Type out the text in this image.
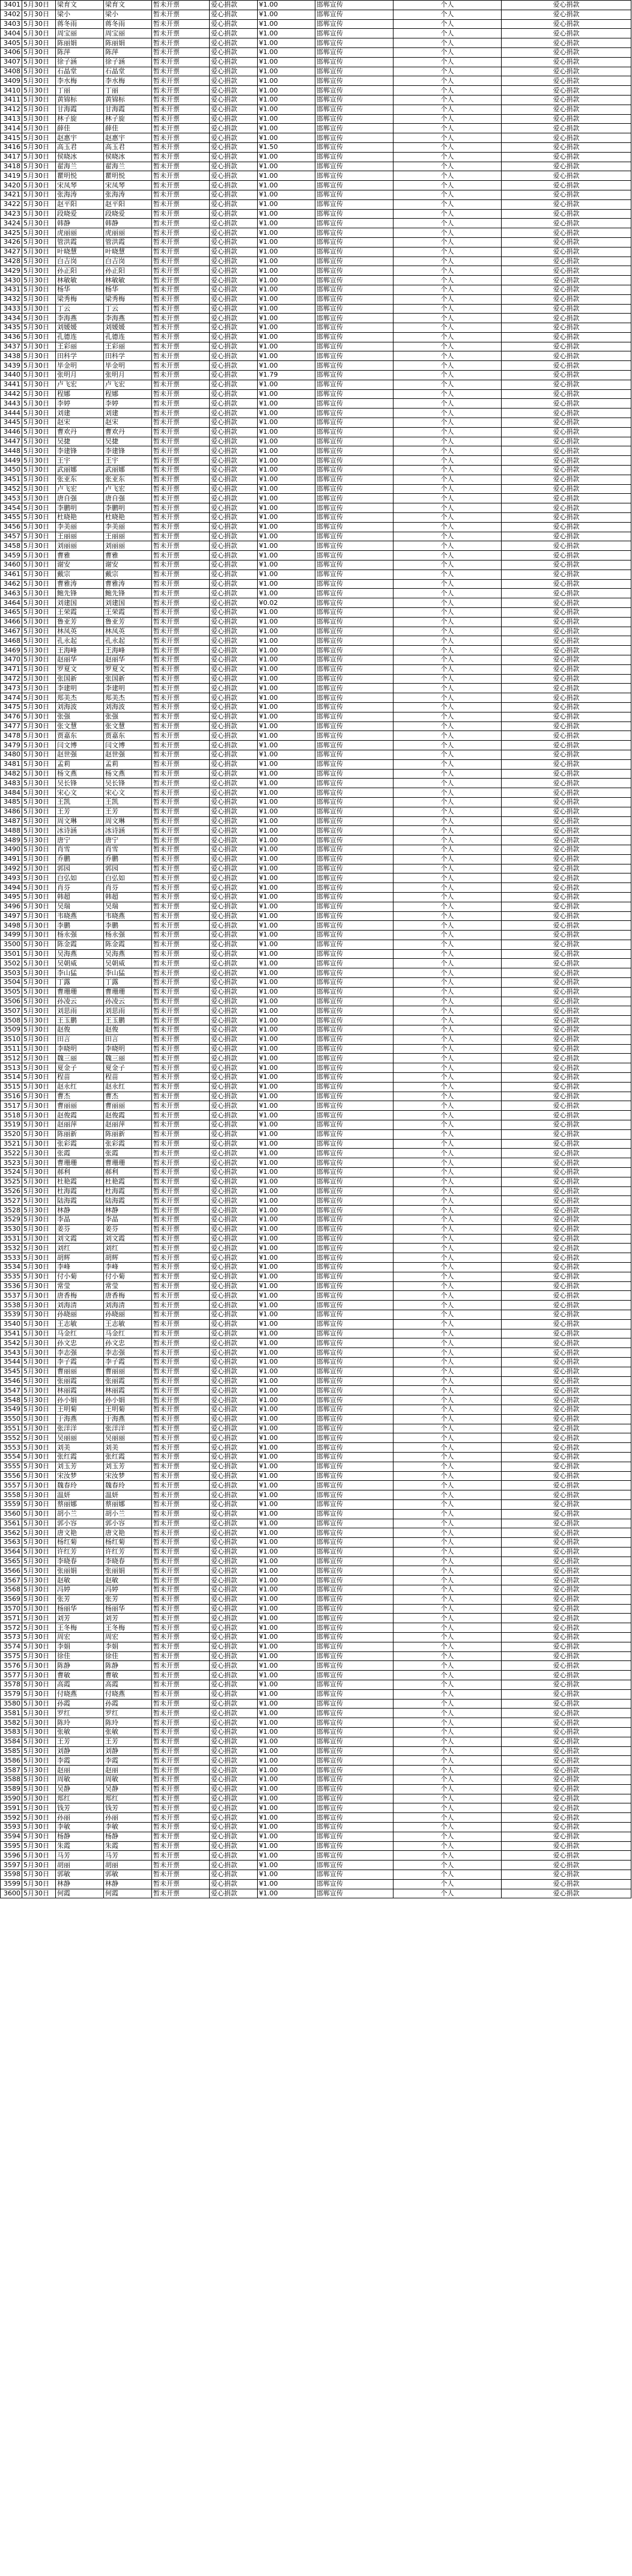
3401	5月30日	梁育文	梁育文	暂未开票	爱心捐款	¥1.00	邯郸宣传	个人	爱心捐款
3402	5月30日	梁小	梁小	暂未开票	爱心捐款	¥1.00	邯郸宣传	个人	爱心捐款
3403	5月30日	蒋冬雨	蒋冬雨	暂未开票	爱心捐款	¥1.00	邯郸宣传	个人	爱心捐款
3404	5月30日	周宝丽	周宝丽	暂未开票	爱心捐款	¥1.00	邯郸宣传	个人	爱心捐款
3405	5月30日	陈丽娟	陈丽娟	暂未开票	爱心捐款	¥1.00	邯郸宣传	个人	爱心捐款
3406	5月30日	陈萍	陈萍	暂未开票	爱心捐款	¥1.00	邯郸宣传	个人	爱心捐款
3407	5月30日	徐子涵	徐子涵	暂未开票	爱心捐款	¥1.00	邯郸宣传	个人	爱心捐款
3408	5月30日	石晶堂	石晶堂	暂未开票	爱心捐款	¥1.00	邯郸宣传	个人	爱心捐款
3409	5月30日	李水梅	李水梅	暂未开票	爱心捐款	¥1.00	邯郸宣传	个人	爱心捐款
3410	5月30日	丁丽	丁丽	暂未开票	爱心捐款	¥1.00	邯郸宣传	个人	爱心捐款
3411	5月30日	黄锦标	黄锦标	暂未开票	爱心捐款	¥1.00	邯郸宣传	个人	爱心捐款
3412	5月30日	甘海霞	甘海霞	暂未开票	爱心捐款	¥1.00	邯郸宣传	个人	爱心捐款
3413	5月30日	林子旋	林子旋	暂未开票	爱心捐款	¥1.00	邯郸宣传	个人	爱心捐款
3414	5月30日	薛佳	薛佳	暂未开票	爱心捐款	¥1.00	邯郸宣传	个人	爱心捐款
3415	5月30日	赵惠宇	赵惠宇	暂未开票	爱心捐款	¥1.00	邯郸宣传	个人	爱心捐款
3416	5月30日	高玉君	高玉君	暂未开票	爱心捐款	¥1.50	邯郸宣传	个人	爱心捐款
3417	5月30日	侯晓冰	侯晓冰	暂未开票	爱心捐款	¥1.00	邯郸宣传	个人	爱心捐款
3418	5月30日	翟海兰	翟海兰	暂未开票	爱心捐款	¥1.00	邯郸宣传	个人	爱心捐款
3419	5月30日	瞿明悦	瞿明悦	暂未开票	爱心捐款	¥1.00	邯郸宣传	个人	爱心捐款
3420	5月30日	宋凤琴	宋凤琴	暂未开票	爱心捐款	¥1.00	邯郸宣传	个人	爱心捐款
3421	5月30日	张海涛	张海涛	暂未开票	爱心捐款	¥1.00	邯郸宣传	个人	爱心捐款
3422	5月30日	赵平阳	赵平阳	暂未开票	爱心捐款	¥1.00	邯郸宣传	个人	爱心捐款
3423	5月30日	段晓爱	段晓爱	暂未开票	爱心捐款	¥1.00	邯郸宣传	个人	爱心捐款
3424	5月30日	韩静	韩静	暂未开票	爱心捐款	¥1.00	邯郸宣传	个人	爱心捐款
3425	5月30日	虎丽丽	虎丽丽	暂未开票	爱心捐款	¥1.00	邯郸宣传	个人	爱心捐款
3426	5月30日	管洪霞	管洪霞	暂未开票	爱心捐款	¥1.00	邯郸宣传	个人	爱心捐款
3427	5月30日	叶晓慧	叶晓慧	暂未开票	爱心捐款	¥1.00	邯郸宣传	个人	爱心捐款
3428	5月30日	白吉岗	白吉岗	暂未开票	爱心捐款	¥1.00	邯郸宣传	个人	爱心捐款
3429	5月30日	孙正阳	孙正阳	暂未开票	爱心捐款	¥1.00	邯郸宣传	个人	爱心捐款
3430	5月30日	林敏敏	林敏敏	暂未开票	爱心捐款	¥1.00	邯郸宣传	个人	爱心捐款
3431	5月30日	杨华	杨华	暂未开票	爱心捐款	¥1.00	邯郸宣传	个人	爱心捐款
3432	5月30日	梁秀梅	梁秀梅	暂未开票	爱心捐款	¥1.00	邯郸宣传	个人	爱心捐款
3433	5月30日	丁云	丁云	暂未开票	爱心捐款	¥1.00	邯郸宣传	个人	爱心捐款
3434	5月30日	李海燕	李海燕	暂未开票	爱心捐款	¥1.00	邯郸宣传	个人	爱心捐款
3435	5月30日	刘媛媛	刘媛媛	暂未开票	爱心捐款	¥1.00	邯郸宣传	个人	爱心捐款
3436	5月30日	孔德连	孔德连	暂未开票	爱心捐款	¥1.00	邯郸宣传	个人	爱心捐款
3437	5月30日	王彩丽	王彩丽	暂未开票	爱心捐款	¥1.00	邯郸宣传	个人	爱心捐款
3438	5月30日	田科学	田科学	暂未开票	爱心捐款	¥1.00	邯郸宣传	个人	爱心捐款
3439	5月30日	毕金明	毕金明	暂未开票	爱心捐款	¥1.00	邯郸宣传	个人	爱心捐款
3440	5月30日	张明月	张明月	暂未开票	爱心捐款	¥1.79	邯郸宣传	个人	爱心捐款
3441	5月30日	卢飞宏	卢飞宏	暂未开票	爱心捐款	¥1.00	邯郸宣传	个人	爱心捐款
3442	5月30日	程娜	程娜	暂未开票	爱心捐款	¥1.00	邯郸宣传	个人	爱心捐款
3443	5月30日	李婷	李婷	暂未开票	爱心捐款	¥1.00	邯郸宣传	个人	爱心捐款
3444	5月30日	刘建	刘建	暂未开票	爱心捐款	¥1.00	邯郸宣传	个人	爱心捐款
3445	5月30日	赵宋	赵宋	暂未开票	爱心捐款	¥1.00	邯郸宣传	个人	爱心捐款
3446	5月30日	曹欢丹	曹欢丹	暂未开票	爱心捐款	¥1.00	邯郸宣传	个人	爱心捐款
3447	5月30日	吴捷	吴捷	暂未开票	爱心捐款	¥1.00	邯郸宣传	个人	爱心捐款
3448	5月30日	李建锋	李建锋	暂未开票	爱心捐款	¥1.00	邯郸宣传	个人	爱心捐款
3449	5月30日	王宇	王宇	暂未开票	爱心捐款	¥1.00	邯郸宣传	个人	爱心捐款
3450	5月30日	武丽娜	武丽娜	暂未开票	爱心捐款	¥1.00	邯郸宣传	个人	爱心捐款
3451	5月30日	张亚东	张亚东	暂未开票	爱心捐款	¥1.00	邯郸宣传	个人	爱心捐款
3452	5月30日	卢飞宏	卢飞宏	暂未开票	爱心捐款	¥1.00	邯郸宣传	个人	爱心捐款
3453	5月30日	唐自强	唐自强	暂未开票	爱心捐款	¥1.00	邯郸宣传	个人	爱心捐款
3454	5月30日	李鹏明	李鹏明	暂未开票	爱心捐款	¥1.00	邯郸宣传	个人	爱心捐款
3455	5月30日	杜晓艳	杜晓艳	暂未开票	爱心捐款	¥1.00	邯郸宣传	个人	爱心捐款
3456	5月30日	李美丽	李美丽	暂未开票	爱心捐款	¥1.00	邯郸宣传	个人	爱心捐款
3457	5月30日	王丽丽	王丽丽	暂未开票	爱心捐款	¥1.00	邯郸宣传	个人	爱心捐款
3458	5月30日	刘丽丽	刘丽丽	暂未开票	爱心捐款	¥1.00	邯郸宣传	个人	爱心捐款
3459	5月30日	曹雅	曹雅	暂未开票	爱心捐款	¥1.00	邯郸宣传	个人	爱心捐款
3460	5月30日	谢安	谢安	暂未开票	爱心捐款	¥1.00	邯郸宣传	个人	爱心捐款
3461	5月30日	戴宗	戴宗	暂未开票	爱心捐款	¥1.00	邯郸宣传	个人	爱心捐款
3462	5月30日	曹雅涛	曹雅涛	暂未开票	爱心捐款	¥1.00	邯郸宣传	个人	爱心捐款
3463	5月30日	鲍先锋	鲍先锋	暂未开票	爱心捐款	¥1.00	邯郸宣传	个人	爱心捐款
3464	5月30日	刘建国	刘建国	暂未开票	爱心捐款	¥0.02	邯郸宣传	个人	爱心捐款
3465	5月30日	王荣霞	王荣霞	暂未开票	爱心捐款	¥1.00	邯郸宣传	个人	爱心捐款
3466	5月30日	鲁亚芳	鲁亚芳	暂未开票	爱心捐款	¥1.00	邯郸宣传	个人	爱心捐款
3467	5月30日	林凤英	林凤英	暂未开票	爱心捐款	¥1.00	邯郸宣传	个人	爱心捐款
3468	5月30日	孔永起	孔永起	暂未开票	爱心捐款	¥1.00	邯郸宣传	个人	爱心捐款
3469	5月30日	王海峰	王海峰	暂未开票	爱心捐款	¥1.00	邯郸宣传	个人	爱心捐款
3470	5月30日	赵丽华	赵丽华	暂未开票	爱心捐款	¥1.00	邯郸宣传	个人	爱心捐款
3471	5月30日	罗夏文	罗夏文	暂未开票	爱心捐款	¥1.00	邯郸宣传	个人	爱心捐款
3472	5月30日	张国新	张国新	暂未开票	爱心捐款	¥1.00	邯郸宣传	个人	爱心捐款
3473	5月30日	李建明	李建明	暂未开票	爱心捐款	¥1.00	邯郸宣传	个人	爱心捐款
3474	5月30日	郑美杰	郑美杰	暂未开票	爱心捐款	¥1.00	邯郸宣传	个人	爱心捐款
3475	5月30日	刘海波	刘海波	暂未开票	爱心捐款	¥1.00	邯郸宣传	个人	爱心捐款
3476	5月30日	张强	张强	暂未开票	爱心捐款	¥1.00	邯郸宣传	个人	爱心捐款
3477	5月30日	张文慧	张文慧	暂未开票	爱心捐款	¥1.00	邯郸宣传	个人	爱心捐款
3478	5月30日	贾嘉东	贾嘉东	暂未开票	爱心捐款	¥1.00	邯郸宣传	个人	爱心捐款
3479	5月30日	闫文博	闫文博	暂未开票	爱心捐款	¥1.00	邯郸宣传	个人	爱心捐款
3480	5月30日	赵世强	赵世强	暂未开票	爱心捐款	¥1.00	邯郸宣传	个人	爱心捐款
3481	5月30日	孟莉	孟莉	暂未开票	爱心捐款	¥1.00	邯郸宣传	个人	爱心捐款
3482	5月30日	杨文燕	杨文燕	暂未开票	爱心捐款	¥1.00	邯郸宣传	个人	爱心捐款
3483	5月30日	吴长锋	吴长锋	暂未开票	爱心捐款	¥1.00	邯郸宣传	个人	爱心捐款
3484	5月30日	宋心文	宋心文	暂未开票	爱心捐款	¥1.00	邯郸宣传	个人	爱心捐款
3485	5月30日	王凯	王凯	暂未开票	爱心捐款	¥1.00	邯郸宣传	个人	爱心捐款
3486	5月30日	王芳	王芳	暂未开票	爱心捐款	¥1.00	邯郸宣传	个人	爱心捐款
3487	5月30日	周文琳	周文琳	暂未开票	爱心捐款	¥1.00	邯郸宣传	个人	爱心捐款
3488	5月30日	冰诗涵	冰诗涵	暂未开票	爱心捐款	¥1.00	邯郸宣传	个人	爱心捐款
3489	5月30日	唐宁	唐宁	暂未开票	爱心捐款	¥1.00	邯郸宣传	个人	爱心捐款
3490	5月30日	肖雪	肖雪	暂未开票	爱心捐款	¥1.00	邯郸宣传	个人	爱心捐款
3491	5月30日	乔鹏	乔鹏	暂未开票	爱心捐款	¥1.00	邯郸宣传	个人	爱心捐款
3492	5月30日	郭园	郭园	暂未开票	爱心捐款	¥1.00	邯郸宣传	个人	爱心捐款
3493	5月30日	白弘如	白弘如	暂未开票	爱心捐款	¥1.00	邯郸宣传	个人	爱心捐款
3494	5月30日	肖芬	肖芬	暂未开票	爱心捐款	¥1.00	邯郸宣传	个人	爱心捐款
3495	5月30日	韩超	韩超	暂未开票	爱心捐款	¥1.00	邯郸宣传	个人	爱心捐款
3496	5月30日	吴瑞	吴瑞	暂未开票	爱心捐款	¥1.00	邯郸宣传	个人	爱心捐款
3497	5月30日	韦晓燕	韦晓燕	暂未开票	爱心捐款	¥1.00	邯郸宣传	个人	爱心捐款
3498	5月30日	李鹏	李鹏	暂未开票	爱心捐款	¥1.00	邯郸宣传	个人	爱心捐款
3499	5月30日	杨永强	杨永强	暂未开票	爱心捐款	¥1.00	邯郸宣传	个人	爱心捐款
3500	5月30日	陈金霞	陈金霞	暂未开票	爱心捐款	¥1.00	邯郸宣传	个人	爱心捐款
3501	5月30日	吴海燕	吴海燕	暂未开票	爱心捐款	¥1.00	邯郸宣传	个人	爱心捐款
3502	5月30日	吴朝威	吴朝威	暂未开票	爱心捐款	¥1.00	邯郸宣传	个人	爱心捐款
3503	5月30日	李山猛	李山猛	暂未开票	爱心捐款	¥1.00	邯郸宣传	个人	爱心捐款
3504	5月30日	丁露	丁露	暂未开票	爱心捐款	¥1.00	邯郸宣传	个人	爱心捐款
3505	5月30日	曹珊珊	曹珊珊	暂未开票	爱心捐款	¥1.00	邯郸宣传	个人	爱心捐款
3506	5月30日	孙凌云	孙凌云	暂未开票	爱心捐款	¥1.00	邯郸宣传	个人	爱心捐款
3507	5月30日	刘思雨	刘思雨	暂未开票	爱心捐款	¥1.00	邯郸宣传	个人	爱心捐款
3508	5月30日	王玉鹏	王玉鹏	暂未开票	爱心捐款	¥1.00	邯郸宣传	个人	爱心捐款
3509	5月30日	赵俊	赵俊	暂未开票	爱心捐款	¥1.00	邯郸宣传	个人	爱心捐款
3510	5月30日	田言	田言	暂未开票	爱心捐款	¥1.00	邯郸宣传	个人	爱心捐款
3511	5月30日	李晓明	李晓明	暂未开票	爱心捐款	¥1.00	邯郸宣传	个人	爱心捐款
3512	5月30日	魏三丽	魏三丽	暂未开票	爱心捐款	¥1.00	邯郸宣传	个人	爱心捐款
3513	5月30日	夏金子	夏金子	暂未开票	爱心捐款	¥1.00	邯郸宣传	个人	爱心捐款
3514	5月30日	程苗	程苗	暂未开票	爱心捐款	¥1.00	邯郸宣传	个人	爱心捐款
3515	5月30日	赵永红	赵永红	暂未开票	爱心捐款	¥1.00	邯郸宣传	个人	爱心捐款
3516	5月30日	曹杰	曹杰	暂未开票	爱心捐款	¥1.00	邯郸宣传	个人	爱心捐款
3517	5月30日	曹丽丽	曹丽丽	暂未开票	爱心捐款	¥1.00	邯郸宣传	个人	爱心捐款
3518	5月30日	赵俊霞	赵俊霞	暂未开票	爱心捐款	¥1.00	邯郸宣传	个人	爱心捐款
3519	5月30日	赵丽萍	赵丽萍	暂未开票	爱心捐款	¥1.00	邯郸宣传	个人	爱心捐款
3520	5月30日	陈丽新	陈丽新	暂未开票	爱心捐款	¥1.00	邯郸宣传	个人	爱心捐款
3521	5月30日	张彩霞	张彩霞	暂未开票	爱心捐款	¥1.00	邯郸宣传	个人	爱心捐款
3522	5月30日	张霞	张霞	暂未开票	爱心捐款	¥1.00	邯郸宣传	个人	爱心捐款
3523	5月30日	曹珊珊	曹珊珊	暂未开票	爱心捐款	¥1.00	邯郸宣传	个人	爱心捐款
3524	5月30日	郝利	郝利	暂未开票	爱心捐款	¥1.00	邯郸宣传	个人	爱心捐款
3525	5月30日	杜艳霞	杜艳霞	暂未开票	爱心捐款	¥1.00	邯郸宣传	个人	爱心捐款
3526	5月30日	杜海霞	杜海霞	暂未开票	爱心捐款	¥1.00	邯郸宣传	个人	爱心捐款
3527	5月30日	陆海霞	陆海霞	暂未开票	爱心捐款	¥1.00	邯郸宣传	个人	爱心捐款
3528	5月30日	林静	林静	暂未开票	爱心捐款	¥1.00	邯郸宣传	个人	爱心捐款
3529	5月30日	李晶	李晶	暂未开票	爱心捐款	¥1.00	邯郸宣传	个人	爱心捐款
3530	5月30日	姜芬	姜芬	暂未开票	爱心捐款	¥1.00	邯郸宣传	个人	爱心捐款
3531	5月30日	刘文霞	刘文霞	暂未开票	爱心捐款	¥1.00	邯郸宣传	个人	爱心捐款
3532	5月30日	刘红	刘红	暂未开票	爱心捐款	¥1.00	邯郸宣传	个人	爱心捐款
3533	5月30日	胡辉	胡辉	暂未开票	爱心捐款	¥1.00	邯郸宣传	个人	爱心捐款
3534	5月30日	李峰	李峰	暂未开票	爱心捐款	¥1.00	邯郸宣传	个人	爱心捐款
3535	5月30日	付小菊	付小菊	暂未开票	爱心捐款	¥1.00	邯郸宣传	个人	爱心捐款
3536	5月30日	常莹	常莹	暂未开票	爱心捐款	¥1.00	邯郸宣传	个人	爱心捐款
3537	5月30日	唐香梅	唐香梅	暂未开票	爱心捐款	¥1.00	邯郸宣传	个人	爱心捐款
3538	5月30日	刘海清	刘海清	暂未开票	爱心捐款	¥1.00	邯郸宣传	个人	爱心捐款
3539	5月30日	孙晓丽	孙晓丽	暂未开票	爱心捐款	¥1.00	邯郸宣传	个人	爱心捐款
3540	5月30日	王志敏	王志敏	暂未开票	爱心捐款	¥1.00	邯郸宣传	个人	爱心捐款
3541	5月30日	马金红	马金红	暂未开票	爱心捐款	¥1.00	邯郸宣传	个人	爱心捐款
3542	5月30日	孙文忠	孙文忠	暂未开票	爱心捐款	¥1.00	邯郸宣传	个人	爱心捐款
3543	5月30日	李志强	李志强	暂未开票	爱心捐款	¥1.00	邯郸宣传	个人	爱心捐款
3544	5月30日	李子霞	李子霞	暂未开票	爱心捐款	¥1.00	邯郸宣传	个人	爱心捐款
3545	5月30日	曹丽丽	曹丽丽	暂未开票	爱心捐款	¥1.00	邯郸宣传	个人	爱心捐款
3546	5月30日	张丽霞	张丽霞	暂未开票	爱心捐款	¥1.00	邯郸宣传	个人	爱心捐款
3547	5月30日	林丽霞	林丽霞	暂未开票	爱心捐款	¥1.00	邯郸宣传	个人	爱心捐款
3548	5月30日	孙小娟	孙小娟	暂未开票	爱心捐款	¥1.00	邯郸宣传	个人	爱心捐款
3549	5月30日	王明菊	王明菊	暂未开票	爱心捐款	¥1.00	邯郸宣传	个人	爱心捐款
3550	5月30日	于海燕	于海燕	暂未开票	爱心捐款	¥1.00	邯郸宣传	个人	爱心捐款
3551	5月30日	张洋洋	张洋洋	暂未开票	爱心捐款	¥1.00	邯郸宣传	个人	爱心捐款
3552	5月30日	吴丽丽	吴丽丽	暂未开票	爱心捐款	¥1.00	邯郸宣传	个人	爱心捐款
3553	5月30日	刘美	刘美	暂未开票	爱心捐款	¥1.00	邯郸宣传	个人	爱心捐款
3554	5月30日	张红霞	张红霞	暂未开票	爱心捐款	¥1.00	邯郸宣传	个人	爱心捐款
3555	5月30日	刘玉芳	刘玉芳	暂未开票	爱心捐款	¥1.00	邯郸宣传	个人	爱心捐款
3556	5月30日	宋汝梦	宋汝梦	暂未开票	爱心捐款	¥1.00	邯郸宣传	个人	爱心捐款
3557	5月30日	魏春玲	魏春玲	暂未开票	爱心捐款	¥1.00	邯郸宣传	个人	爱心捐款
3558	5月30日	温妍	温妍	暂未开票	爱心捐款	¥1.00	邯郸宣传	个人	爱心捐款
3559	5月30日	蔡丽娜	蔡丽娜	暂未开票	爱心捐款	¥1.00	邯郸宣传	个人	爱心捐款
3560	5月30日	胡小兰	胡小兰	暂未开票	爱心捐款	¥1.00	邯郸宣传	个人	爱心捐款
3561	5月30日	郭小容	郭小容	暂未开票	爱心捐款	¥1.00	邯郸宣传	个人	爱心捐款
3562	5月30日	唐文艳	唐文艳	暂未开票	爱心捐款	¥1.00	邯郸宣传	个人	爱心捐款
3563	5月30日	杨红菊	杨红菊	暂未开票	爱心捐款	¥1.00	邯郸宣传	个人	爱心捐款
3564	5月30日	许红芳	许红芳	暂未开票	爱心捐款	¥1.00	邯郸宣传	个人	爱心捐款
3565	5月30日	李晓春	李晓春	暂未开票	爱心捐款	¥1.00	邯郸宣传	个人	爱心捐款
3566	5月30日	张丽娟	张丽娟	暂未开票	爱心捐款	¥1.00	邯郸宣传	个人	爱心捐款
3567	5月30日	赵敏	赵敏	暂未开票	爱心捐款	¥1.00	邯郸宣传	个人	爱心捐款
3568	5月30日	冯婷	冯婷	暂未开票	爱心捐款	¥1.00	邯郸宣传	个人	爱心捐款
3569	5月30日	张芳	张芳	暂未开票	爱心捐款	¥1.00	邯郸宣传	个人	爱心捐款
3570	5月30日	杨丽华	杨丽华	暂未开票	爱心捐款	¥1.00	邯郸宣传	个人	爱心捐款
3571	5月30日	刘芳	刘芳	暂未开票	爱心捐款	¥1.00	邯郸宣传	个人	爱心捐款
3572	5月30日	王冬梅	王冬梅	暂未开票	爱心捐款	¥1.00	邯郸宣传	个人	爱心捐款
3573	5月30日	周宏	周宏	暂未开票	爱心捐款	¥1.00	邯郸宣传	个人	爱心捐款
3574	5月30日	李娟	李娟	暂未开票	爱心捐款	¥1.00	邯郸宣传	个人	爱心捐款
3575	5月30日	徐佳	徐佳	暂未开票	爱心捐款	¥1.00	邯郸宣传	个人	爱心捐款
3576	5月30日	陈静	陈静	暂未开票	爱心捐款	¥1.00	邯郸宣传	个人	爱心捐款
3577	5月30日	曹敏	曹敏	暂未开票	爱心捐款	¥1.00	邯郸宣传	个人	爱心捐款
3578	5月30日	高霞	高霞	暂未开票	爱心捐款	¥1.00	邯郸宣传	个人	爱心捐款
3579	5月30日	付晓燕	付晓燕	暂未开票	爱心捐款	¥1.00	邯郸宣传	个人	爱心捐款
3580	5月30日	孙霞	孙霞	暂未开票	爱心捐款	¥1.00	邯郸宣传	个人	爱心捐款
3581	5月30日	罗红	罗红	暂未开票	爱心捐款	¥1.00	邯郸宣传	个人	爱心捐款
3582	5月30日	陈玲	陈玲	暂未开票	爱心捐款	¥1.00	邯郸宣传	个人	爱心捐款
3583	5月30日	张敏	张敏	暂未开票	爱心捐款	¥1.00	邯郸宣传	个人	爱心捐款
3584	5月30日	王芳	王芳	暂未开票	爱心捐款	¥1.00	邯郸宣传	个人	爱心捐款
3585	5月30日	刘静	刘静	暂未开票	爱心捐款	¥1.00	邯郸宣传	个人	爱心捐款
3586	5月30日	李霞	李霞	暂未开票	爱心捐款	¥1.00	邯郸宣传	个人	爱心捐款
3587	5月30日	赵丽	赵丽	暂未开票	爱心捐款	¥1.00	邯郸宣传	个人	爱心捐款
3588	5月30日	周敏	周敏	暂未开票	爱心捐款	¥1.00	邯郸宣传	个人	爱心捐款
3589	5月30日	吴静	吴静	暂未开票	爱心捐款	¥1.00	邯郸宣传	个人	爱心捐款
3590	5月30日	郑红	郑红	暂未开票	爱心捐款	¥1.00	邯郸宣传	个人	爱心捐款
3591	5月30日	钱芳	钱芳	暂未开票	爱心捐款	¥1.00	邯郸宣传	个人	爱心捐款
3592	5月30日	孙丽	孙丽	暂未开票	爱心捐款	¥1.00	邯郸宣传	个人	爱心捐款
3593	5月30日	李敏	李敏	暂未开票	爱心捐款	¥1.00	邯郸宣传	个人	爱心捐款
3594	5月30日	杨静	杨静	暂未开票	爱心捐款	¥1.00	邯郸宣传	个人	爱心捐款
3595	5月30日	朱霞	朱霞	暂未开票	爱心捐款	¥1.00	邯郸宣传	个人	爱心捐款
3596	5月30日	马芳	马芳	暂未开票	爱心捐款	¥1.00	邯郸宣传	个人	爱心捐款
3597	5月30日	胡丽	胡丽	暂未开票	爱心捐款	¥1.00	邯郸宣传	个人	爱心捐款
3598	5月30日	郭敏	郭敏	暂未开票	爱心捐款	¥1.00	邯郸宣传	个人	爱心捐款
3599	5月30日	林静	林静	暂未开票	爱心捐款	¥1.00	邯郸宣传	个人	爱心捐款
3600	5月30日	何霞	何霞	暂未开票	爱心捐款	¥1.00	邯郸宣传	个人	爱心捐款
